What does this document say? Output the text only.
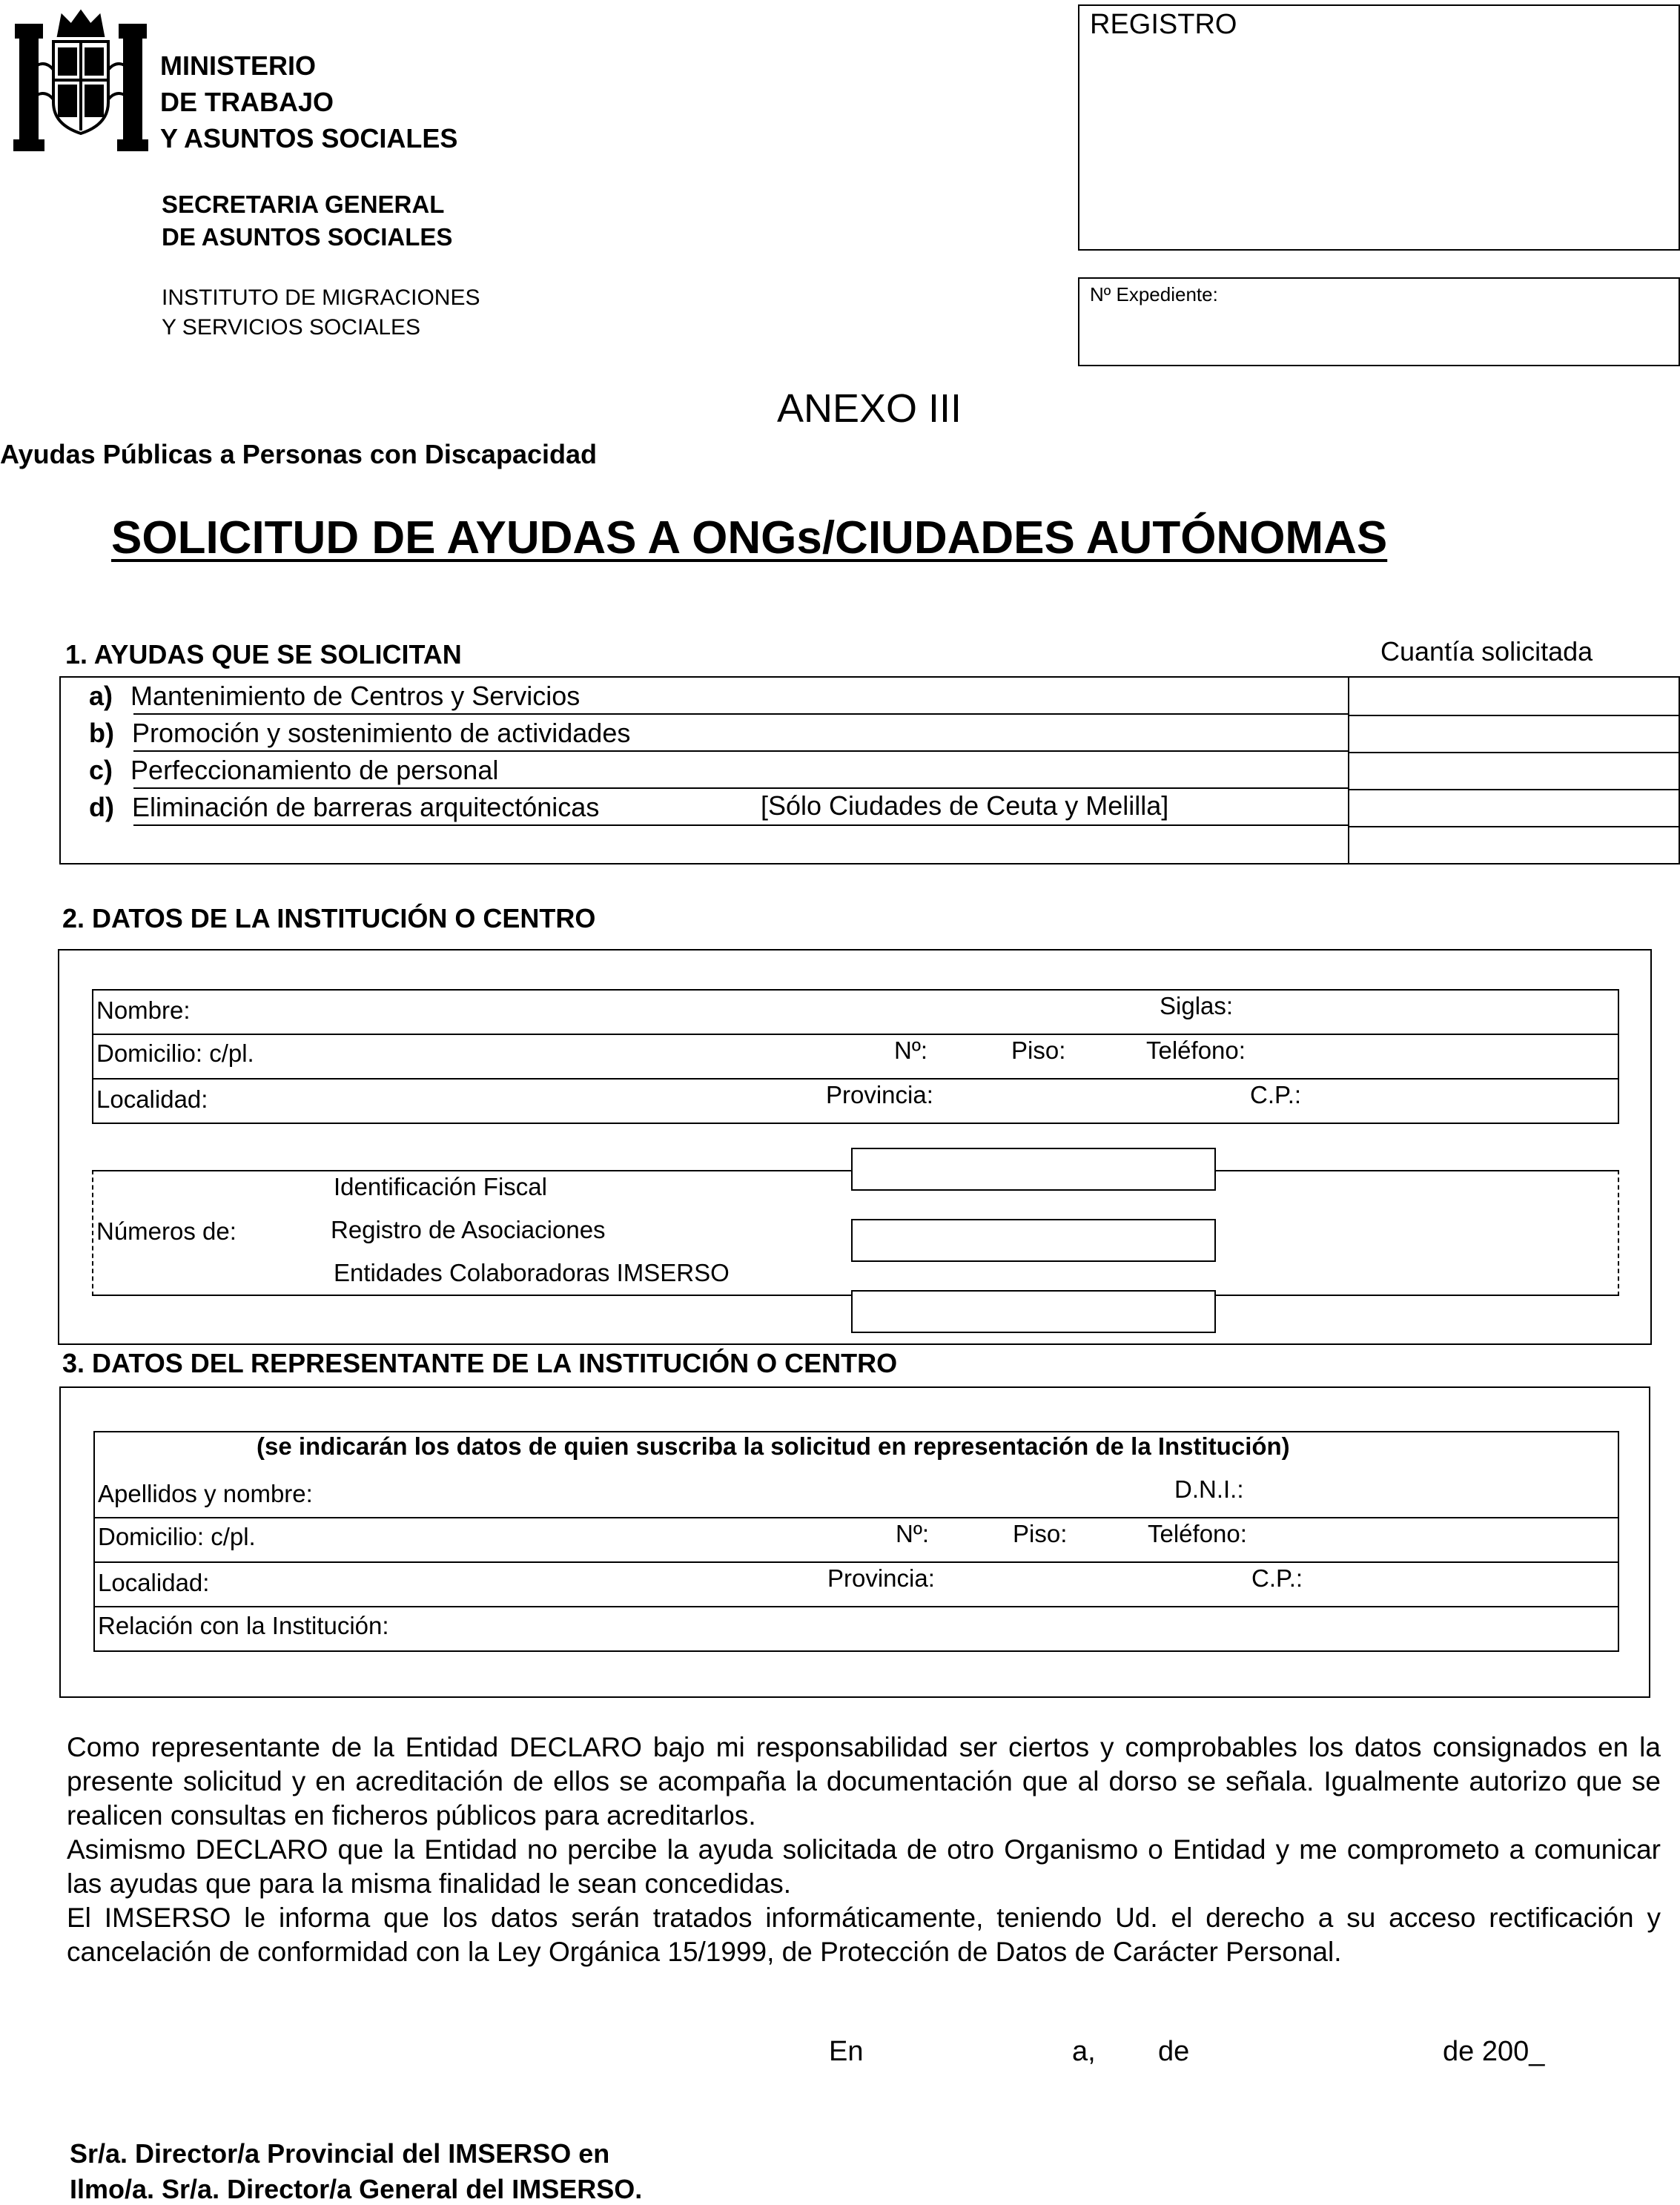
MINISTERIO
DE TRABAJO
Y ASUNTOS SOCIALES
SECRETARIA GENERAL
DE ASUNTOS SOCIALES
INSTITUTO DE MIGRACIONES
Y SERVICIOS SOCIALES
REGISTRO
Nº Expediente:
ANEXO III
Ayudas Públicas a Personas con Discapacidad
SOLICITUD DE AYUDAS A ONGs/CIUDADES AUTÓNOMAS
1. AYUDAS QUE SE SOLICITAN	Cuantía solicitada
a) Mantenimiento de Centros y Servicios
b) Promoción y sostenimiento de actividades
c) Perfeccionamiento de personal
d) Eliminación de barreras arquitectónicas	[Sólo Ciudades de Ceuta y Melilla]
2. DATOS DE LA INSTITUCIÓN O CENTRO
Nombre:	Siglas:
Domicilio: c/pl.	Nº:	Piso:	Teléfono:
Localidad:	Provincia:	C.P.:
Números de:
Identificación Fiscal
Registro de Asociaciones
Entidades Colaboradoras IMSERSO
3. DATOS DEL REPRESENTANTE DE LA INSTITUCIÓN O CENTRO
(se indicarán los datos de quien suscriba la solicitud en representación de la Institución)
Apellidos y nombre:	D.N.I.:
Domicilio: c/pl.	Nº:	Piso:	Teléfono:
Localidad:	Provincia:	C.P.:
Relación con la Institución:
Como representante de la Entidad DECLARO bajo mi responsabilidad ser ciertos y comprobables los datos consignados en la presente solicitud y en acreditación de ellos se acompaña la documentación que al dorso se señala. Igualmente autorizo que se realicen consultas en ficheros públicos para acreditarlos.
Asimismo DECLARO que la Entidad no percibe la ayuda solicitada de otro Organismo o Entidad y me comprometo a comunicar las ayudas que para la misma finalidad le sean concedidas.
El IMSERSO le informa que los datos serán tratados informáticamente, teniendo Ud. el derecho a su acceso rectificación y cancelación de conformidad con la Ley Orgánica 15/1999, de Protección de Datos de Carácter Personal.
En	a, de	de 200_
Sr/a. Director/a Provincial del IMSERSO en
Ilmo/a. Sr/a. Director/a General del IMSERSO.
